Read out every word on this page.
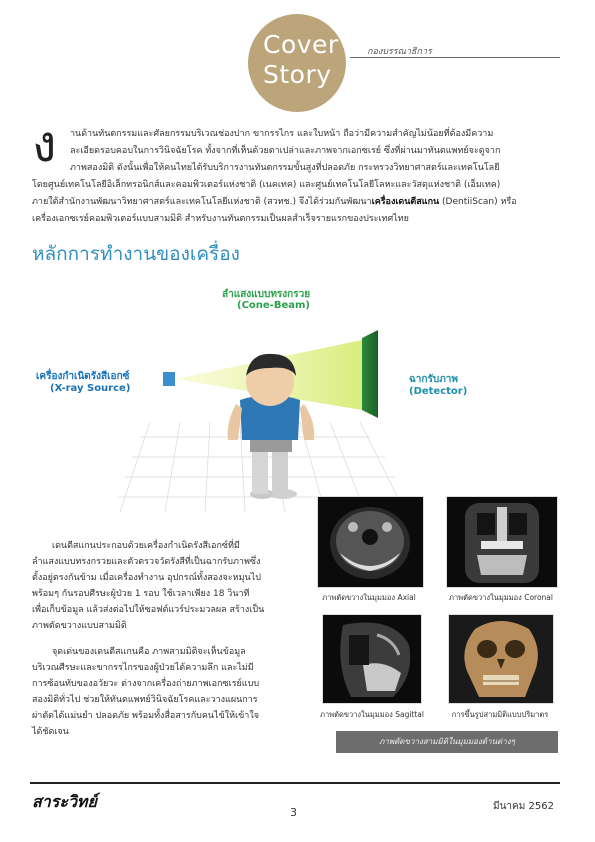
Cover
Story
กองบรรณาธิการ
ง านด้านทันตกรรมและศัลยกรรมบริเวณช่องปาก ขากรรไกร และใบหน้า ถือว่ามีความสำคัญไม่น้อยที่ต้องมีความ
ละเอียดรอบคอบในการวินิจฉัยโรค ทั้งจากที่เห็นด้วยตาเปล่าและภาพจากเอกซเรย์ ซึ่งที่ผ่านมาทันตแพทย์จะดูจาก
ภาพสองมิติ ดังนั้นเพื่อให้คนไทยได้รับบริการงานทันตกรรมขั้นสูงที่ปลอดภัย กระทรวงวิทยาศาสตร์และเทคโนโลยี
โดยศูนย์เทคโนโลยีอิเล็กทรอนิกส์และคอมพิวเตอร์แห่งชาติ (เนคเทค) และศูนย์เทคโนโลยีโลหะและวัสดุแห่งชาติ (เอ็มเทค)
ภายใต้สำนักงานพัฒนาวิทยาศาสตร์และเทคโนโลยีแห่งชาติ (สวทช.) จึงได้ร่วมกันพัฒนาเครื่องเดนตีสแกน (DentiiScan) หรือ
เครื่องเอกซเรย์คอมพิวเตอร์แบบสามมิติ สำหรับงานทันตกรรมเป็นผลสำเร็จรายแรกของประเทศไทย
หลักการทำงานของเครื่อง
ลำแสงแบบทรงกรวย
(Cone-Beam)
เครื่องกำเนิดรังสีเอกซ์
(X-ray Source)
ฉากรับภาพ
(Detector)
เดนตีสแกนประกอบด้วยเครื่องกำเนิดรังสีเอกซ์ที่มี
ลำแสงแบบทรงกรวยและตัวตรวจวัดรังสีที่เป็นฉากรับภาพซึ่ง
ตั้งอยู่ตรงกันข้าม เมื่อเครื่องทำงาน อุปกรณ์ทั้งสองจะหมุนไป
พร้อมๆ กันรอบศีรษะผู้ป่วย 1 รอบ ใช้เวลาเพียง 18 วินาที
เพื่อเก็บข้อมูล แล้วส่งต่อไปให้ซอฟต์แวร์ประมวลผล สร้างเป็น
ภาพตัดขวางแบบสามมิติ
จุดเด่นของเดนตีสแกนคือ ภาพสามมิติจะเห็นข้อมูล
บริเวณศีรษะและขากรรไกรของผู้ป่วยได้ความลึก และไม่มี
การซ้อนทับของอวัยวะ ต่างจากเครื่องถ่ายภาพเอกซเรย์แบบ
สองมิติทั่วไป ช่วยให้ทันตแพทย์วินิจฉัยโรคและวางแผนการ
ผ่าตัดได้แม่นยำ ปลอดภัย พร้อมทั้งสื่อสารกับคนไข้ให้เข้าใจ
ได้ชัดเจน
ภาพตัดขวางในมุมมอง Axial	ภาพตัดขวางในมุมมอง Coronal
ภาพตัดขวางในมุมมอง Sagittal	การขึ้นรูปสามมิติแบบปริมาตร
ภาพตัดขวางสามมิติในมุมมองด้านต่างๆ
สาระวิทย์
3	มีนาคม 2562
